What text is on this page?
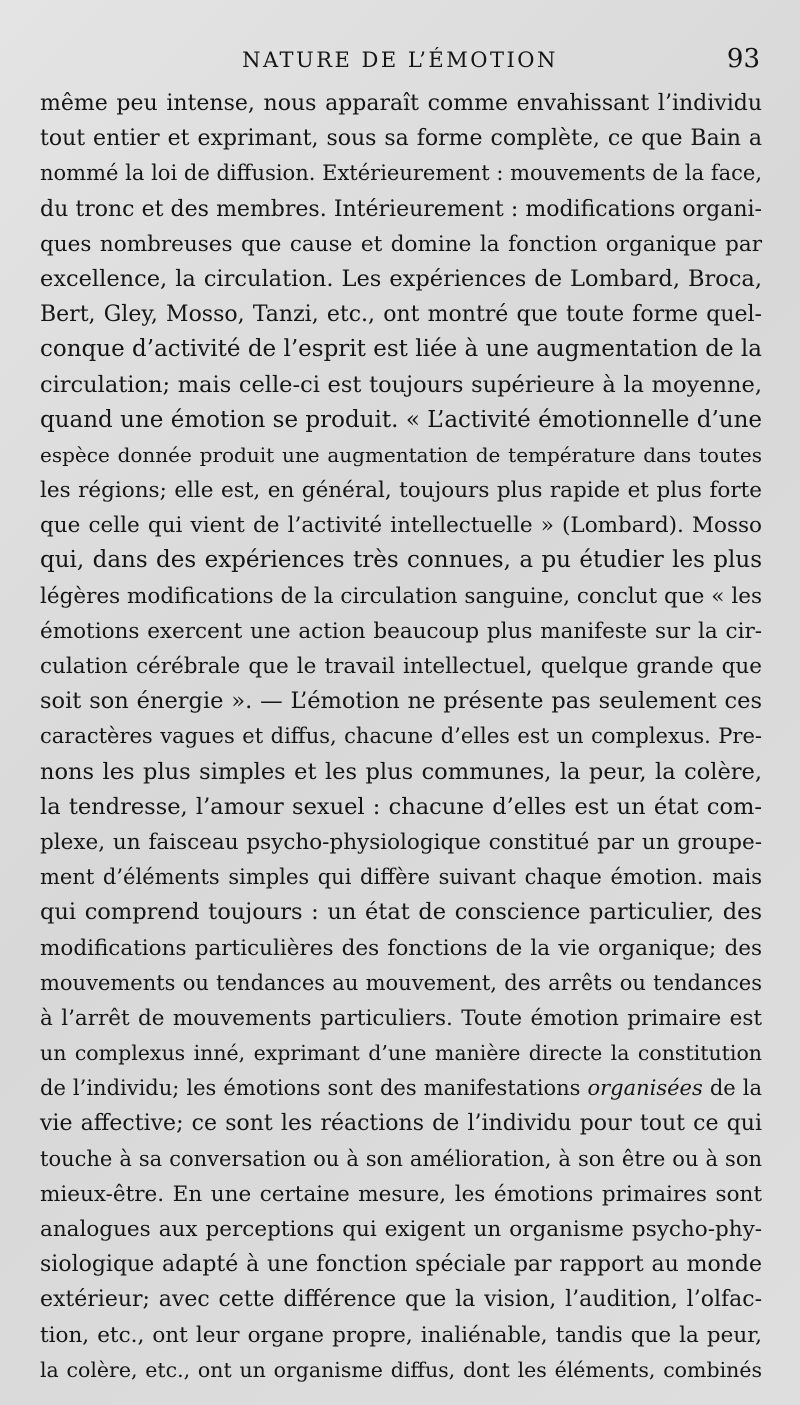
NATURE DE L’ÉMOTION	93
même peu intense, nous apparaît comme envahissant l’individu
tout entier et exprimant, sous sa forme complète, ce que Bain a
nommé la loi de diffusion. Extérieurement : mouvements de la face,
du tronc et des membres. Intérieurement : modifications organi-
ques nombreuses que cause et domine la fonction organique par
excellence, la circulation. Les expériences de Lombard, Broca,
Bert, Gley, Mosso, Tanzi, etc., ont montré que toute forme quel-
conque d’activité de l’esprit est liée à une augmentation de la
circulation; mais celle-ci est toujours supérieure à la moyenne,
quand une émotion se produit. « L’activité émotionnelle d’une
espèce donnée produit une augmentation de température dans toutes
les régions; elle est, en général, toujours plus rapide et plus forte
que celle qui vient de l’activité intellectuelle » (Lombard). Mosso
qui, dans des expériences très connues, a pu étudier les plus
légères modifications de la circulation sanguine, conclut que « les
émotions exercent une action beaucoup plus manifeste sur la cir-
culation cérébrale que le travail intellectuel, quelque grande que
soit son énergie ». — L’émotion ne présente pas seulement ces
caractères vagues et diffus, chacune d’elles est un complexus. Pre-
nons les plus simples et les plus communes, la peur, la colère,
la tendresse, l’amour sexuel : chacune d’elles est un état com-
plexe, un faisceau psycho-physiologique constitué par un groupe-
ment d’éléments simples qui diffère suivant chaque émotion. mais
qui comprend toujours : un état de conscience particulier, des
modifications particulières des fonctions de la vie organique; des
mouvements ou tendances au mouvement, des arrêts ou tendances
à l’arrêt de mouvements particuliers. Toute émotion primaire est
un complexus inné, exprimant d’une manière directe la constitution
de l’individu; les émotions sont des manifestations organisées de la
vie affective; ce sont les réactions de l’individu pour tout ce qui
touche à sa conversation ou à son amélioration, à son être ou à son
mieux-être. En une certaine mesure, les émotions primaires sont
analogues aux perceptions qui exigent un organisme psycho-phy-
siologique adapté à une fonction spéciale par rapport au monde
extérieur; avec cette différence que la vision, l’audition, l’olfac-
tion, etc., ont leur organe propre, inaliénable, tandis que la peur,
la colère, etc., ont un organisme diffus, dont les éléments, combinés
